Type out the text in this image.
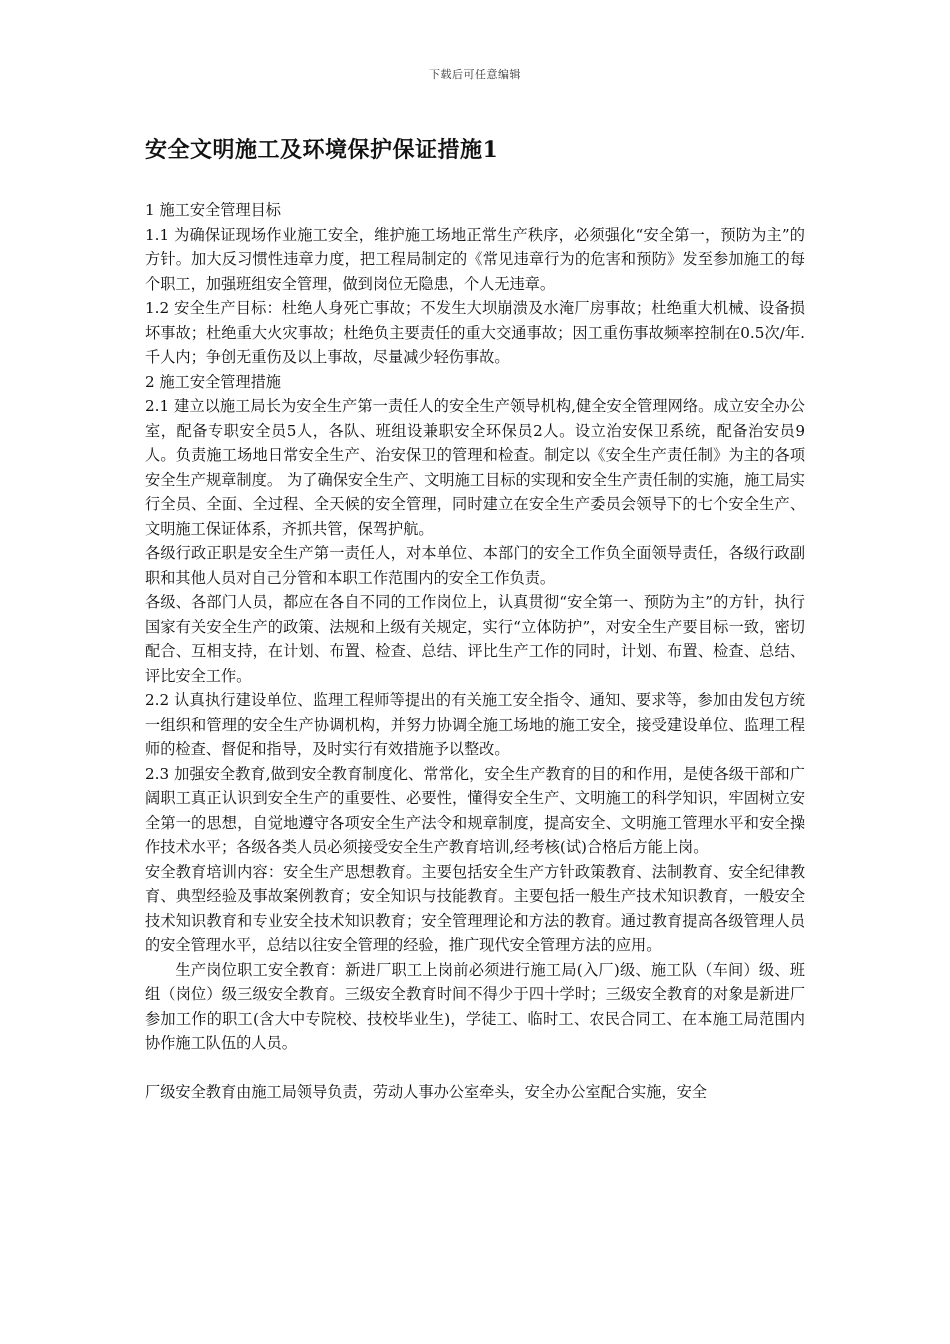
下载后可任意编辑
安全文明施工及环境保护保证措施1

1 施工安全管理目标

1.1 为确保证现场作业施工安全，维护施工场地正常生产秩序，必须强化“安全第一，预防为主”的方针。加大反习惯性违章力度，把工程局制定的《常见违章行为的危害和预防》发至参加施工的每个职工，加强班组安全管理，做到岗位无隐患，个人无违章。

1.2 安全生产目标：杜绝人身死亡事故；不发生大坝崩溃及水淹厂房事故；杜绝重大机械、设备损坏事故；杜绝重大火灾事故；杜绝负主要责任的重大交通事故；因工重伤事故频率控制在0.5次/年.千人内；争创无重伤及以上事故，尽量减少轻伤事故。

2 施工安全管理措施

2.1 建立以施工局长为安全生产第一责任人的安全生产领导机构,健全安全管理网络。成立安全办公室，配备专职安全员5人，各队、班组设兼职安全环保员2人。设立治安保卫系统，配备治安员9人。负责施工场地日常安全生产、治安保卫的管理和检查。制定以《安全生产责任制》为主的各项安全生产规章制度。 为了确保安全生产、文明施工目标的实现和安全生产责任制的实施，施工局实行全员、全面、全过程、全天候的安全管理，同时建立在安全生产委员会领导下的七个安全生产、文明施工保证体系，齐抓共管，保驾护航。

各级行政正职是安全生产第一责任人，对本单位、本部门的安全工作负全面领导责任，各级行政副职和其他人员对自己分管和本职工作范围内的安全工作负责。

各级、各部门人员，都应在各自不同的工作岗位上，认真贯彻“安全第一、预防为主”的方针，执行国家有关安全生产的政策、法规和上级有关规定，实行“立体防护”，对安全生产要目标一致，密切配合、互相支持，在计划、布置、检查、总结、评比生产工作的同时，计划、布置、检查、总结、评比安全工作。

2.2 认真执行建设单位、监理工程师等提出的有关施工安全指令、通知、要求等，参加由发包方统一组织和管理的安全生产协调机构，并努力协调全施工场地的施工安全，接受建设单位、监理工程师的检查、督促和指导，及时实行有效措施予以整改。

2.3 加强安全教育,做到安全教育制度化、常常化，安全生产教育的目的和作用，是使各级干部和广阔职工真正认识到安全生产的重要性、必要性，懂得安全生产、文明施工的科学知识，牢固树立安全第一的思想，自觉地遵守各项安全生产法令和规章制度，提高安全、文明施工管理水平和安全操作技术水平；各级各类人员必须接受安全生产教育培训,经考核(试)合格后方能上岗。

安全教育培训内容：安全生产思想教育。主要包括安全生产方针政策教育、法制教育、安全纪律教育、典型经验及事故案例教育；安全知识与技能教育。主要包括一般生产技术知识教育，一般安全技术知识教育和专业安全技术知识教育；安全管理理论和方法的教育。通过教育提高各级管理人员的安全管理水平，总结以往安全管理的经验，推广现代安全管理方法的应用。

生产岗位职工安全教育：新进厂职工上岗前必须进行施工局(入厂)级、施工队（车间）级、班组（岗位）级三级安全教育。三级安全教育时间不得少于四十学时；三级安全教育的对象是新进厂参加工作的职工(含大中专院校、技校毕业生)，学徒工、临时工、农民合同工、在本施工局范围内协作施工队伍的人员。

厂级安全教育由施工局领导负责，劳动人事办公室牵头，安全办公室配合实施，安全
